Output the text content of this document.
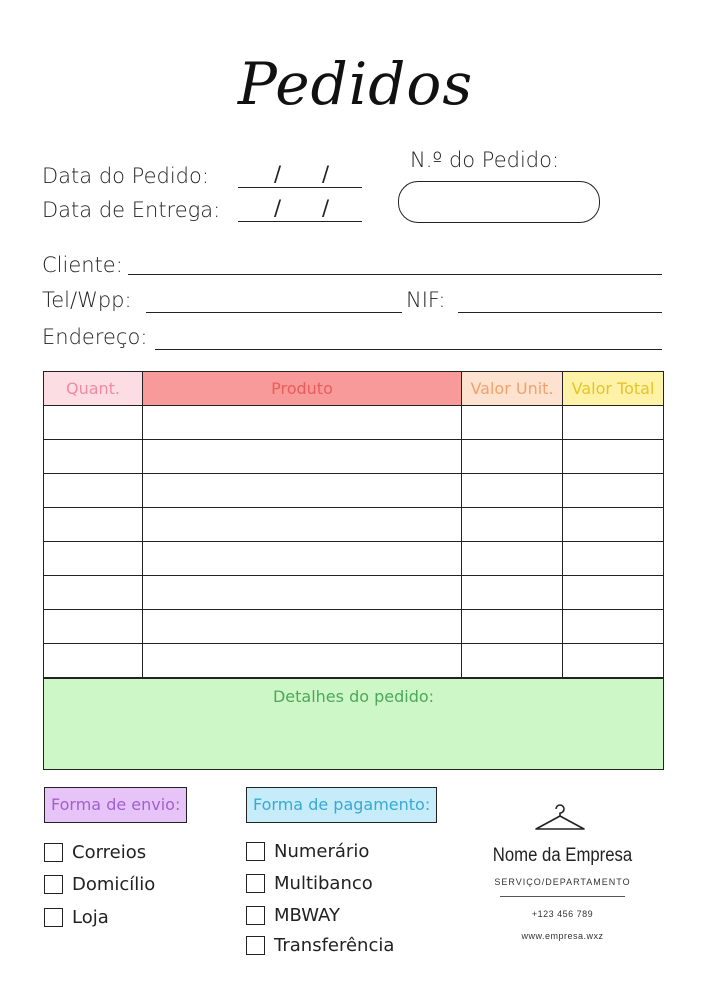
Pedidos
Data do Pedido:	/ /
Data de Entrega:	/ /
N.º do Pedido:
Cliente:
Tel/Wpp:	NIF:
Endereço:
Quant.	Produto	Valor Unit.	Valor Total

Detalhes do pedido:
Forma de envio:
Correios
Domicílio
Loja
Forma de pagamento:
Numerário
Multibanco
MBWAY
Transferência
Nome da Empresa
SERVIÇO/DEPARTAMENTO
+123 456 789
www.empresa.wxz
